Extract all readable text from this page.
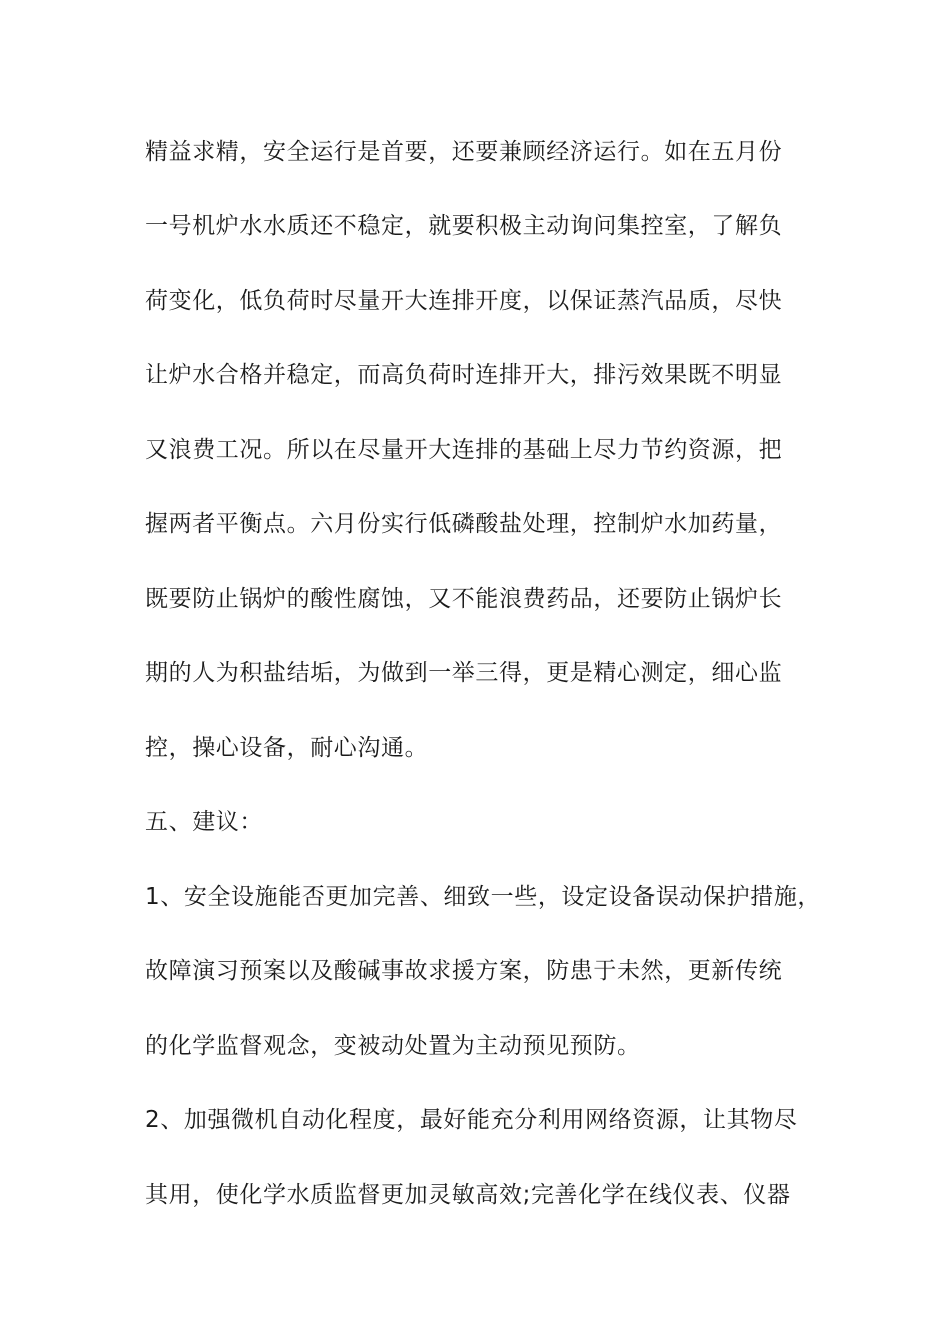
精益求精，安全运行是首要，还要兼顾经济运行。如在五月份
一号机炉水水质还不稳定，就要积极主动询问集控室，了解负
荷变化，低负荷时尽量开大连排开度，以保证蒸汽品质，尽快
让炉水合格并稳定，而高负荷时连排开大，排污效果既不明显
又浪费工况。所以在尽量开大连排的基础上尽力节约资源，把
握两者平衡点。六月份实行低磷酸盐处理，控制炉水加药量，
既要防止锅炉的酸性腐蚀，又不能浪费药品，还要防止锅炉长
期的人为积盐结垢，为做到一举三得，更是精心测定，细心监
控，操心设备，耐心沟通。
五、建议：
1、安全设施能否更加完善、细致一些，设定设备误动保护措施，
故障演习预案以及酸碱事故求援方案，防患于未然，更新传统
的化学监督观念，变被动处置为主动预见预防。
2、加强微机自动化程度，最好能充分利用网络资源，让其物尽
其用，使化学水质监督更加灵敏高效;完善化学在线仪表、仪器
